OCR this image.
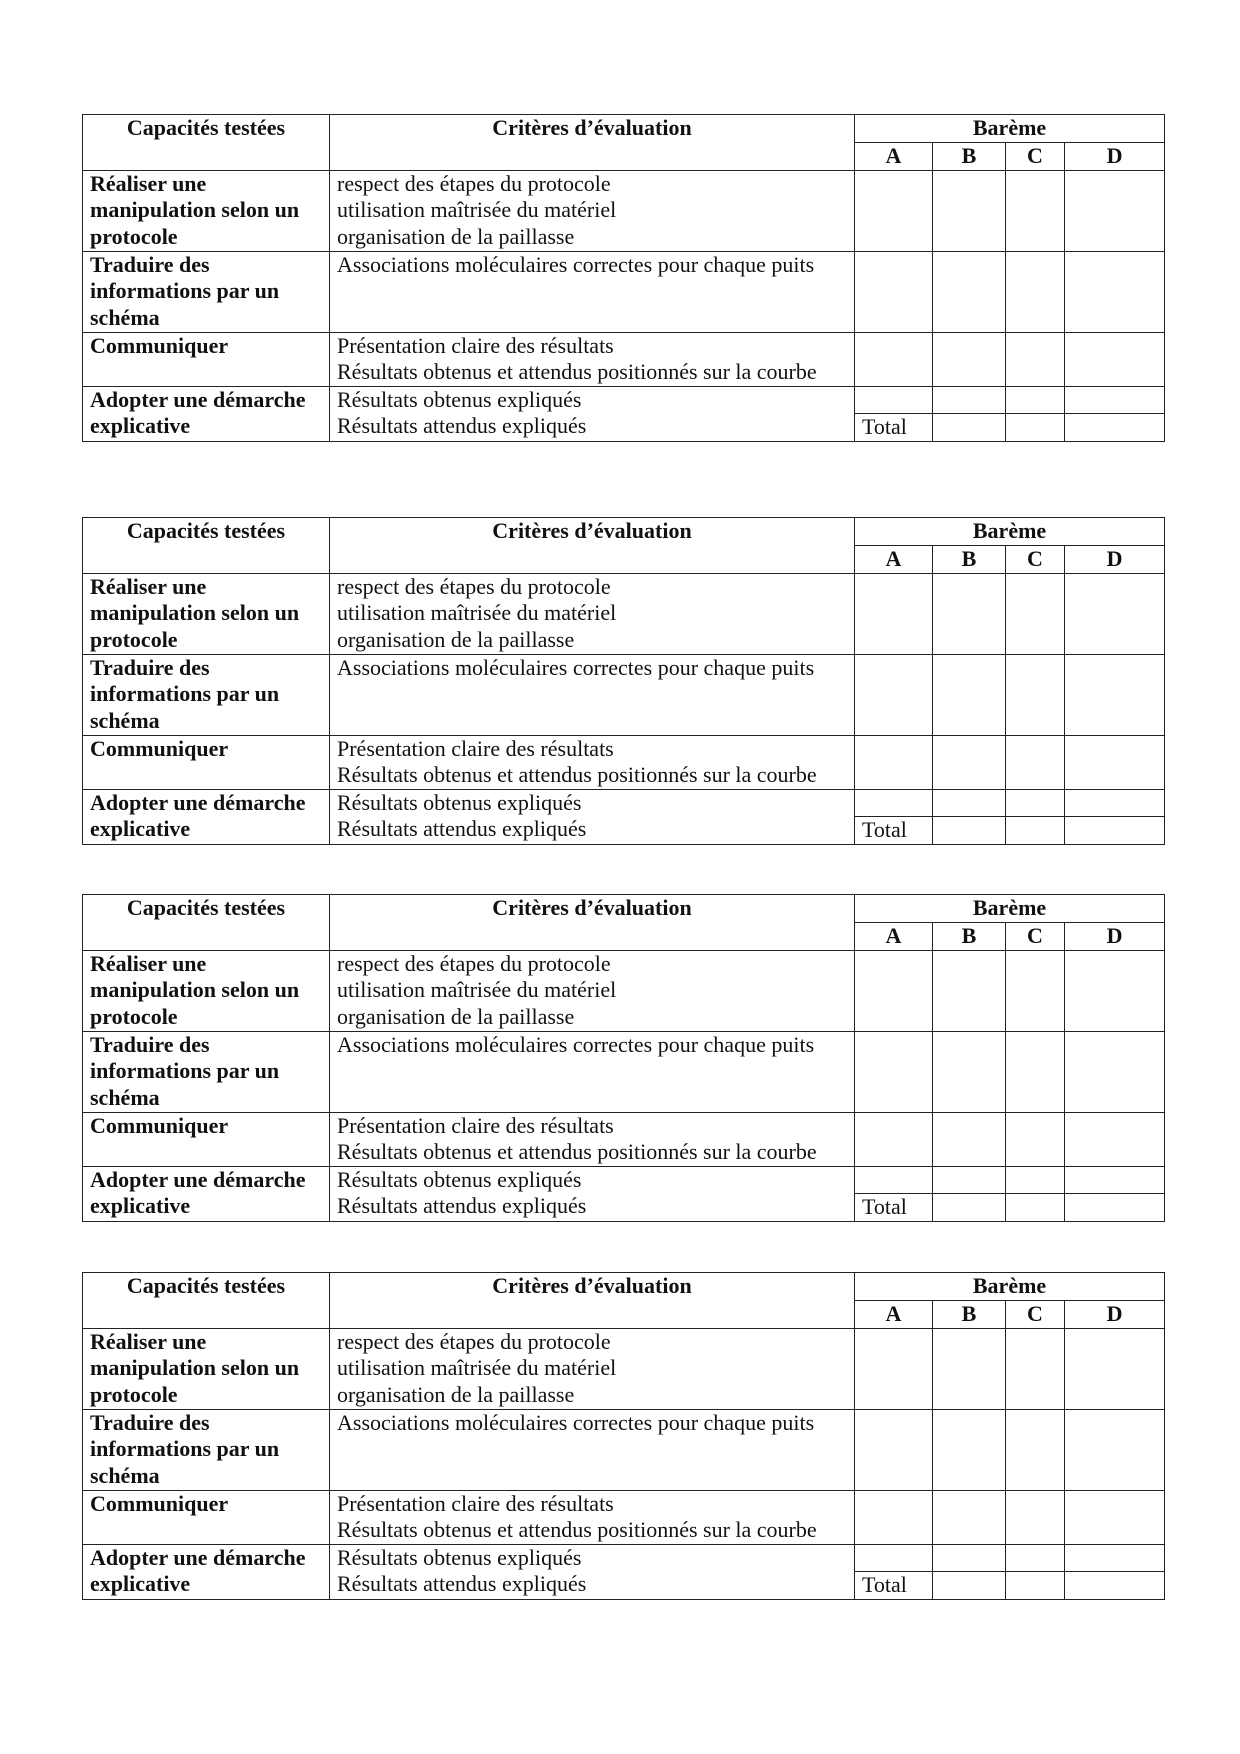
Capacités testées	Critères d’évaluation	Barème			
		A	B	C	D
Réaliser une manipulation selon un protocole	respect des étapes du protocole
utilisation maîtrisée du matériel
organisation de la paillasse				

Traduire des informations par un schéma	Associations moléculaires correctes pour chaque puits				

Communiquer	Présentation claire des résultats
Résultats obtenus et attendus positionnés sur la courbe				

Adopter une démarche explicative	Résultats obtenus expliqués
Résultats attendus expliqués				

		Total			
Capacités testées	Critères d’évaluation	Barème			
		A	B	C	D
Réaliser une manipulation selon un protocole	respect des étapes du protocole
utilisation maîtrisée du matériel
organisation de la paillasse				

Traduire des informations par un schéma	Associations moléculaires correctes pour chaque puits				

Communiquer	Présentation claire des résultats
Résultats obtenus et attendus positionnés sur la courbe				

Adopter une démarche explicative	Résultats obtenus expliqués
Résultats attendus expliqués				

		Total			
Capacités testées	Critères d’évaluation	Barème			
		A	B	C	D
Réaliser une manipulation selon un protocole	respect des étapes du protocole
utilisation maîtrisée du matériel
organisation de la paillasse				

Traduire des informations par un schéma	Associations moléculaires correctes pour chaque puits				

Communiquer	Présentation claire des résultats
Résultats obtenus et attendus positionnés sur la courbe				

Adopter une démarche explicative	Résultats obtenus expliqués
Résultats attendus expliqués				

		Total			
Capacités testées	Critères d’évaluation	Barème			
		A	B	C	D
Réaliser une manipulation selon un protocole	respect des étapes du protocole
utilisation maîtrisée du matériel
organisation de la paillasse				

Traduire des informations par un schéma	Associations moléculaires correctes pour chaque puits				

Communiquer	Présentation claire des résultats
Résultats obtenus et attendus positionnés sur la courbe				

Adopter une démarche explicative	Résultats obtenus expliqués
Résultats attendus expliqués				

		Total			
